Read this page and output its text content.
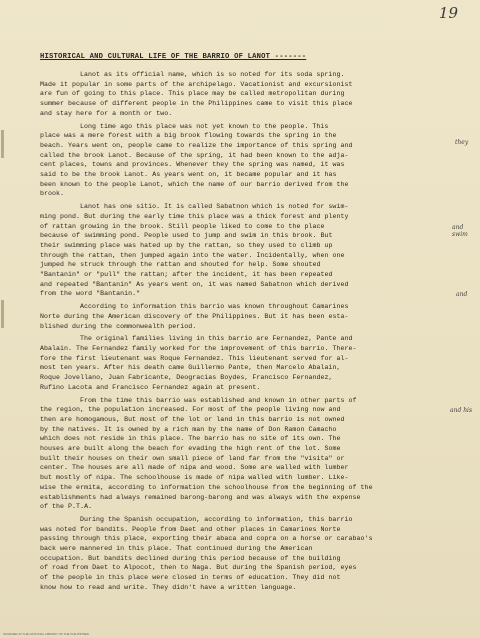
19
HISTORICAL AND CULTURAL LIFE OF THE BARRIO OF LANOT -------
Lanot as its official name, which is so noted for its soda spring.
Made it popular in some parts of the archipelago. Vacationist and excursionist
are fun of going to this place. This place may be called metropolitan during
summer because of different people in the Philippines came to visit this place
and stay here for a month or two.
Long time ago this place was not yet known to the people. This
place was a mere forest with a big brook flowing towards the spring in the
beach. Years went on, people came to realize the importance of this spring and
called the brook Lanot. Because of the spring, it had been known to the adja-
cent places, towns and provinces. Whenever they the spring was named, it was
said to be the brook Lanot. As years went on, it became popular and it has
been known to the people Lanot, which the name of our barrio derived from the
brook.
Lanot has one sitio. It is called Sabatnon which is noted for swim-
ming pond. But during the early time this place was a thick forest and plenty
of rattan growing in the brook. Still people liked to come to the place
because of swimming pond. People used to jump and swim in this brook. But
their swimming place was hated up by the rattan, so they used to climb up
through the rattan, then jumped again into the water. Incidentally, when one
jumped he struck through the rattan and shouted for help. Some shouted
"Bantanin" or "pull" the rattan; after the incident, it has been repeated
and repeated "Bantanin" As years went on, it was named Sabatnon which derived
from the word "Bantanin."
According to information this barrio was known throughout Camarines
Norte during the American discovery of the Philippines. But it has been esta-
blished during the commonwealth period.
The original families living in this barrio are Fernandez, Pante and
Abalain. The Fernandez family worked for the improvement of this barrio. There-
fore the first lieutenant was Roque Fernandez. This lieutenant served for al-
most ten years. After his death came Guillermo Pante, then Marcelo Abalain,
Roque Jovellano, Juan Fabricante, Deogracias Boydes, Francisco Fernandez,
Rufino Lacota and Francisco Fernandez again at present.
From the time this barrio was established and known in other parts of
the region, the population increased. For most of the people living now and
then are homogamous, But most of the lot or land in this barrio is not owned
by the natives. It is owned by a rich man by the name of Don Ramon Camacho
which does not reside in this place. The barrio has no site of its own. The
houses are built along the beach for evading the high rent of the lot. Some
built their houses on their own small piece of land far from the "visita" or
center. The houses are all made of nipa and wood. Some are walled with lumber
but mostly of nipa. The schoolhouse is made of nipa walled with lumber. Like-
wise the ermita, according to information the schoolhouse from the beginning of the
establishments had always remained barong-barong and was always with the expense
of the P.T.A.
During the Spanish occupation, according to information, this barrio
was noted for bandits. People from Daet and other places in Camarines Norte
passing through this place, exporting their abaca and copra on a horse or carabao's
back were mannered in this place. That continued during the American
occupation. But bandits declined during this period because of the building
of road from Daet to Alpocot, then to Naga. But during the Spanish period, eyes
of the people in this place were closed in terms of education. They did not
know how to read and write. They didn't have a written language.
they
and swim
and
and his
SCANNED AT THE NATIONAL LIBRARY OF THE PHILIPPINES
